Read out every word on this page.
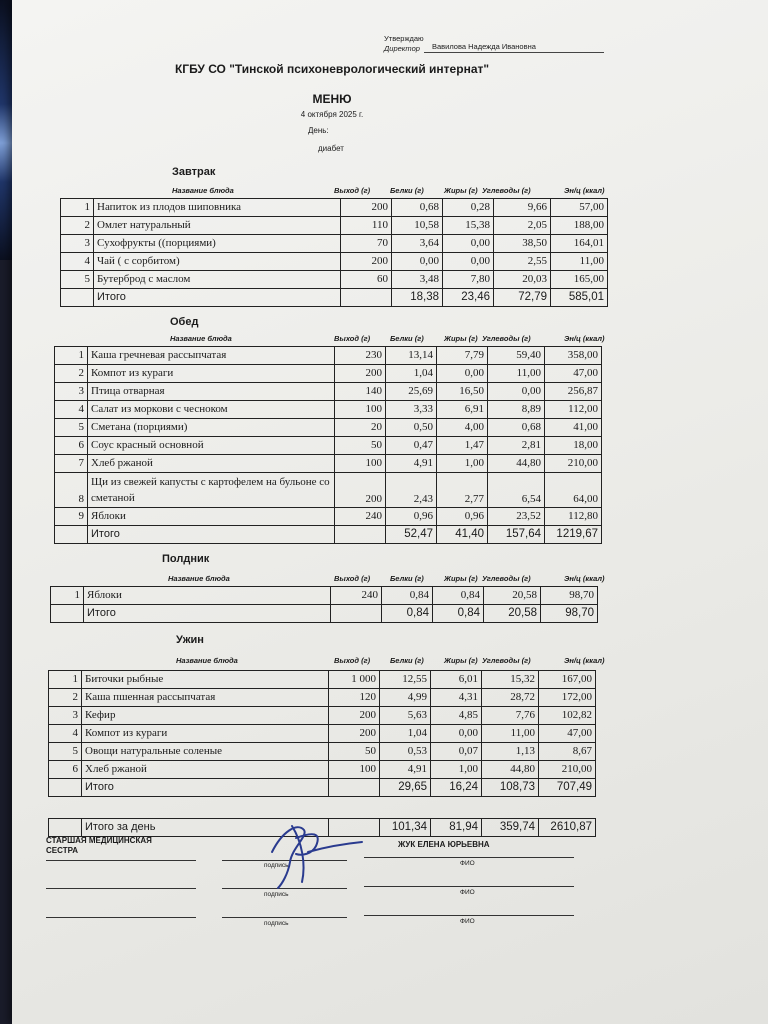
Утверждаю
Директор Вавилова Надежда Ивановна
КГБУ СО "Тинской психоневрологический интернат"
МЕНЮ
4 октября 2025 г.
День:
диабет
Завтрак
Название блюда	Выход (г)	Белки (г)	Жиры (г) Углеводы (г)	Эн/ц (ккал)
1	Напиток из плодов шиповника	200	0,68	0,28	9,66	57,00
2	Омлет натуральный	110	10,58	15,38	2,05	188,00
3	Сухофрукты ((порциями)	70	3,64	0,00	38,50	164,01
4	Чай ( с сорбитом)	200	0,00	0,00	2,55	11,00
5	Бутерброд с маслом	60	3,48	7,80	20,03	165,00
	Итого		18,38	23,46	72,79	585,01
Обед
Название блюда	Выход (г)	Белки (г)	Жиры (г) Углеводы (г)	Эн/ц (ккал)
1	Каша гречневая рассыпчатая	230	13,14	7,79	59,40	358,00
2	Компот из кураги	200	1,04	0,00	11,00	47,00
3	Птица отварная	140	25,69	16,50	0,00	256,87
4	Салат из моркови с чесноком	100	3,33	6,91	8,89	112,00
5	Сметана (порциями)	20	0,50	4,00	0,68	41,00
6	Соус красный основной	50	0,47	1,47	2,81	18,00
7	Хлеб ржаной	100	4,91	1,00	44,80	210,00
8	Щи из свежей капусты с картофелем на бульоне со сметаной	200	2,43	2,77	6,54	64,00
9	Яблоки	240	0,96	0,96	23,52	112,80
	Итого		52,47	41,40	157,64	1219,67
Полдник
Название блюда	Выход (г)	Белки (г)	Жиры (г) Углеводы (г)	Эн/ц (ккал)
1	Яблоки	240	0,84	0,84	20,58	98,70
	Итого		0,84	0,84	20,58	98,70
Ужин
Название блюда	Выход (г)	Белки (г)	Жиры (г) Углеводы (г)	Эн/ц (ккал)
1	Биточки рыбные	1 000	12,55	6,01	15,32	167,00
2	Каша пшенная рассыпчатая	120	4,99	4,31	28,72	172,00
3	Кефир	200	5,63	4,85	7,76	102,82
4	Компот из кураги	200	1,04	0,00	11,00	47,00
5	Овощи натуральные соленые	50	0,53	0,07	1,13	8,67
6	Хлеб ржаной	100	4,91	1,00	44,80	210,00
	Итого		29,65	16,24	108,73	707,49
	Итого за день		101,34	81,94	359,74	2610,87
СТАРШАЯ МЕДИЦИНСКАЯ СЕСТРА
подпись
ЖУК ЕЛЕНА ЮРЬЕВНА
ФИО
подпись	ФИО
подпись	ФИО
